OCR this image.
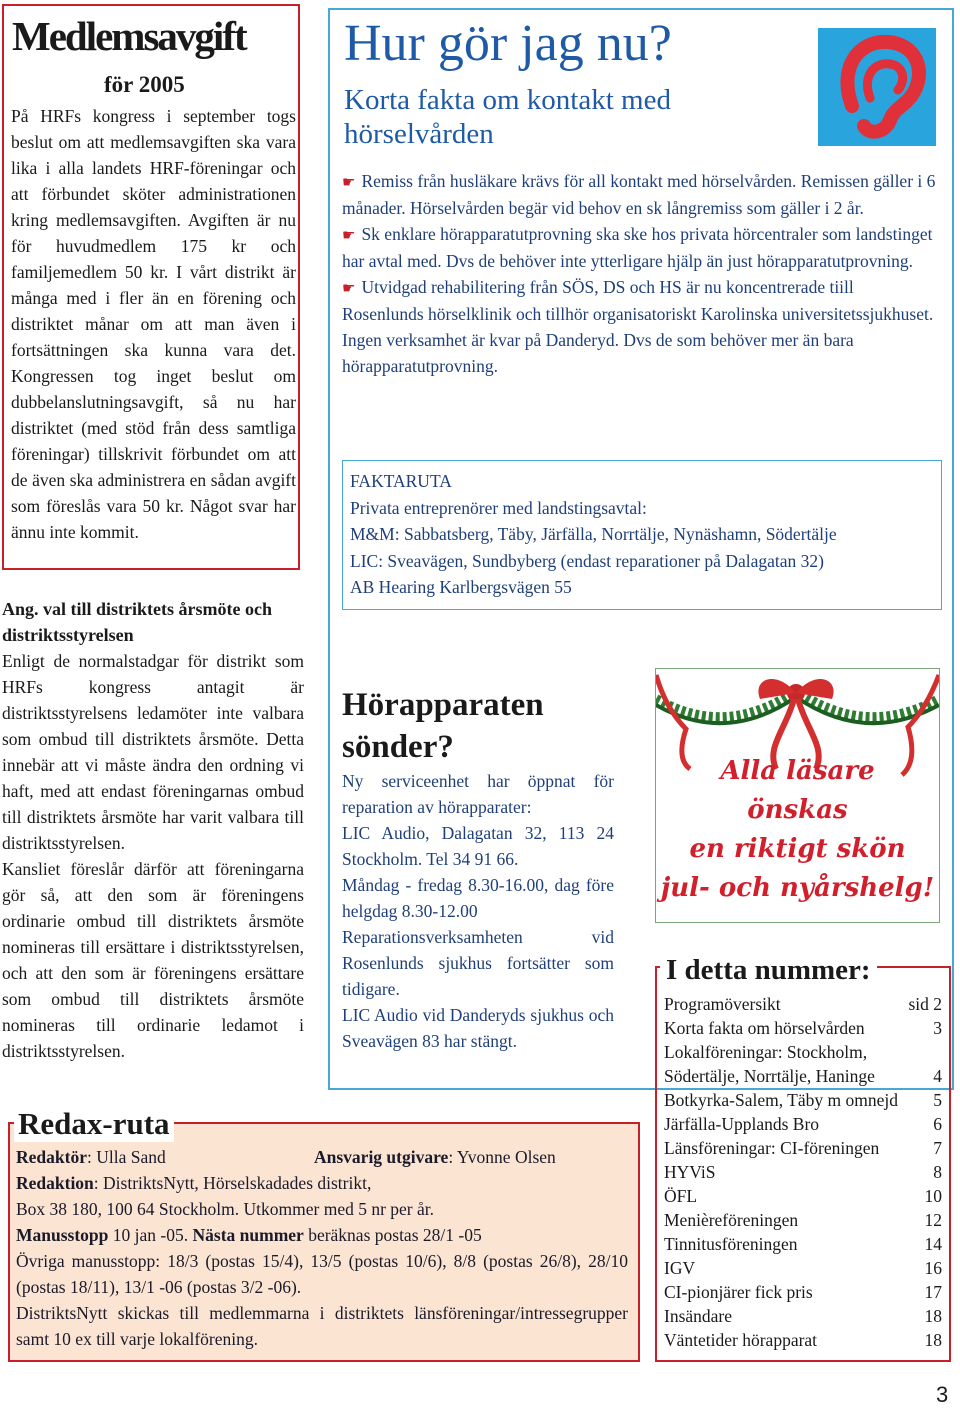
Medlemsavgift
för 2005

På HRFs kongress i september togs beslut om att medlemsavgiften ska vara lika i alla landets HRF-föreningar och att förbundet sköter administrationen kring medlemsavgiften. Avgiften är nu för huvudmedlem 175 kr och familjemedlem 50 kr. I vårt distrikt är många med i fler än en förening och distriktet månar om att man även i fortsättningen ska kunna vara det. Kongressen tog inget beslut om dubbelanslutningsavgift, så nu har distriktet (med stöd från dess samtliga föreningar) tillskrivit förbundet om att de även ska administrera en sådan avgift som föreslås vara 50 kr. Något svar har ännu inte kommit.

Ang. val till distriktets årsmöte och distriktsstyrelsen

Enligt de normalstadgar för distrikt som HRFs kongress antagit är distriktsstyrelsens ledamöter inte valbara som ombud till distriktets årsmöte. Detta innebär att vi måste ändra den ordning vi haft, med att endast föreningarnas ombud till distriktets årsmöte har varit valbara till distriktsstyrelsen.

Kansliet föreslår därför att föreningarna gör så, att den som är föreningens ordinarie ombud till distriktets årsmöte nomineras till ersättare i distriktsstyrelsen, och att den som är föreningens ersättare som ombud till distriktets årsmöte nomineras till ordinarie ledamot i distriktsstyrelsen.

Hur gör jag nu?
Korta fakta om kontakt med hörselvården

☛ Remiss från husläkare krävs för all kontakt med hörselvården. Remissen gäller i 6 månader. Hörselvården begär vid behov en sk långremiss som gäller i 2 år.

☛ Sk enklare hörapparatutprovning ska ske hos privata hörcentraler som landstinget har avtal med. Dvs de behöver inte ytterligare hjälp än just hörapparatutprovning.

☛ Utvidgad rehabilitering från SÖS, DS och HS är nu koncentrerade tiill Rosenlunds hörselklinik och tillhör organisatoriskt Karolinska universitetssjukhuset. Ingen verksamhet är kvar på Danderyd. Dvs de som behöver mer än bara hörapparatutprovning.

FAKTARUTA

Privata entreprenörer med landstingsavtal:

M&M: Sabbatsberg, Täby, Järfälla, Norrtälje, Nynäshamn, Södertälje

LIC: Sveavägen, Sundbyberg (endast reparationer på Dalagatan 32)

AB Hearing Karlbergsvägen 55

Hörapparaten sönder?

Ny serviceenhet har öppnat för reparation av hörapparater:

LIC Audio, Dalagatan 32, 113 24 Stockholm. Tel 34 91 66.

Måndag - fredag 8.30-16.00, dag före helgdag 8.30-12.00

Reparationsverksamheten vid Rosenlunds sjukhus fortsätter som tidigare.

LIC Audio vid Danderyds sjukhus och Sveavägen 83 har stängt.

Alla läsare
önskas
en riktigt skön
jul- och nyårshelg!
I detta nummer:
Programöversikt	sid 2
Korta fakta om hörselvården	3
Lokalföreningar: Stockholm,
Södertälje, Norrtälje, Haninge	4
Botkyrka-Salem, Täby m omnejd 5
Järfälla-Upplands Bro	6
Länsföreningar: CI-föreningen	7
HYViS	8
ÖFL	10
Menièreföreningen	12
Tinnitusföreningen	14
IGV	16
CI-pionjärer fick pris	17
Insändare	18
Väntetider hörapparat	18
Redax-ruta

Redaktör: Ulla Sand	Ansvarig utgivare: Yvonne Olsen

Redaktion: DistriktsNytt, Hörselskadades distrikt,

Box 38 180, 100 64 Stockholm. Utkommer med 5 nr per år.

Manusstopp 10 jan -05. Nästa nummer beräknas postas 28/1 -05

Övriga manusstopp: 18/3 (postas 15/4), 13/5 (postas 10/6), 8/8 (postas 26/8), 28/10 (postas 18/11), 13/1 -06 (postas 3/2 -06).

DistriktsNytt skickas till medlemmarna i distriktets länsföreningar/intressegrupper samt 10 ex till varje lokalförening.

3
